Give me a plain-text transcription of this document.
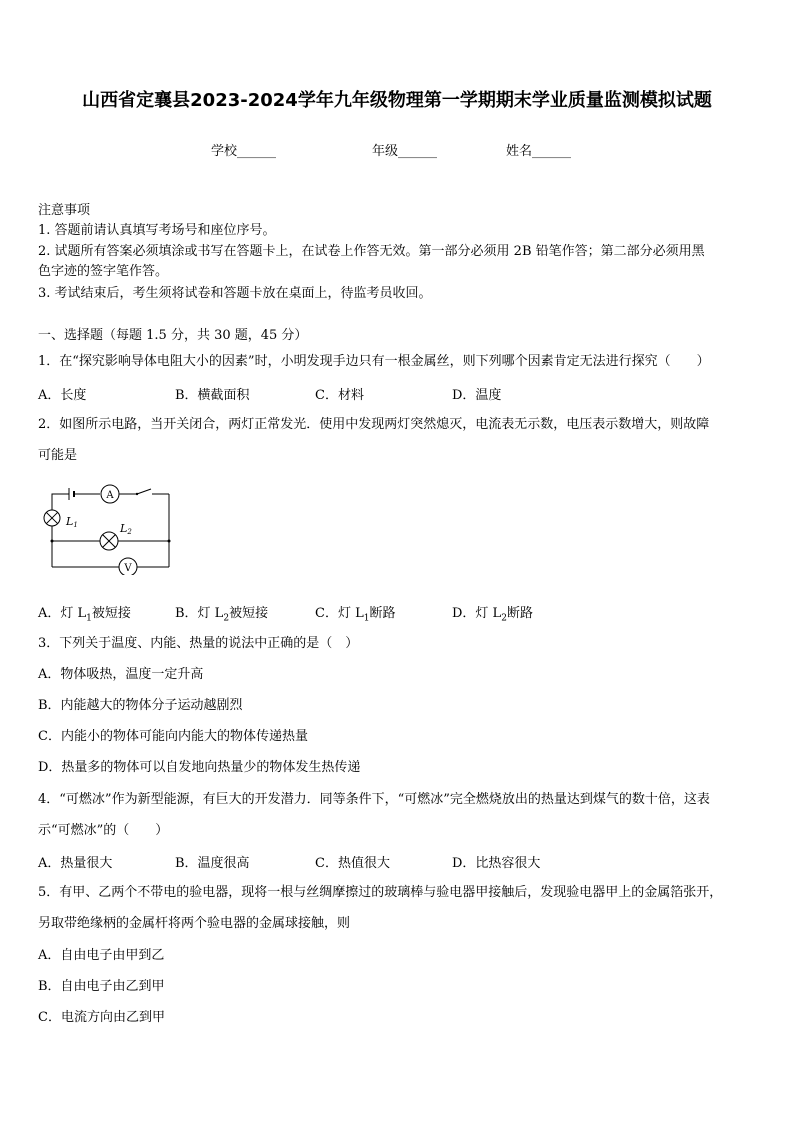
山西省定襄县2023-2024学年九年级物理第一学期期末学业质量监测模拟试题
学校______	年级______	姓名______
注意事项
1. 答题前请认真填写考场号和座位序号。
2. 试题所有答案必须填涂或书写在答题卡上，在试卷上作答无效。第一部分必须用 2B 铅笔作答；第二部分必须用黑
色字迹的签字笔作答。
3. 考试结束后，考生须将试卷和答题卡放在桌面上，待监考员收回。
一、选择题（每题 1.5 分，共 30 题，45 分）
1．在“探究影响导体电阻大小的因素”时，小明发现手边只有一根金属丝，则下列哪个因素肯定无法进行探究（　　）
A．长度	B．横截面积	C．材料	D．温度
2．如图所示电路，当开关闭合，两灯正常发光．使用中发现两灯突然熄灭，电流表无示数，电压表示数增大，则故障
可能是
A
L1	L2
V
A．灯 $L_1$被短接	B．灯 $L_2$被短接	C．灯 $L_1$断路	D．灯 $L_2$断路
3．下列关于温度、内能、热量的说法中正确的是（　）
A．物体吸热，温度一定升高
B．内能越大的物体分子运动越剧烈
C．内能小的物体可能向内能大的物体传递热量
D．热量多的物体可以自发地向热量少的物体发生热传递
4．“可燃冰”作为新型能源，有巨大的开发潜力．同等条件下，“可燃冰”完全燃烧放出的热量达到煤气的数十倍，这表
示“可燃冰”的（　　）
A．热量很大	B．温度很高	C．热值很大	D．比热容很大
5．有甲、乙两个不带电的验电器，现将一根与丝绸摩擦过的玻璃棒与验电器甲接触后，发现验电器甲上的金属箔张开，
另取带绝缘柄的金属杆将两个验电器的金属球接触，则
A．自由电子由甲到乙
B．自由电子由乙到甲
C．电流方向由乙到甲
